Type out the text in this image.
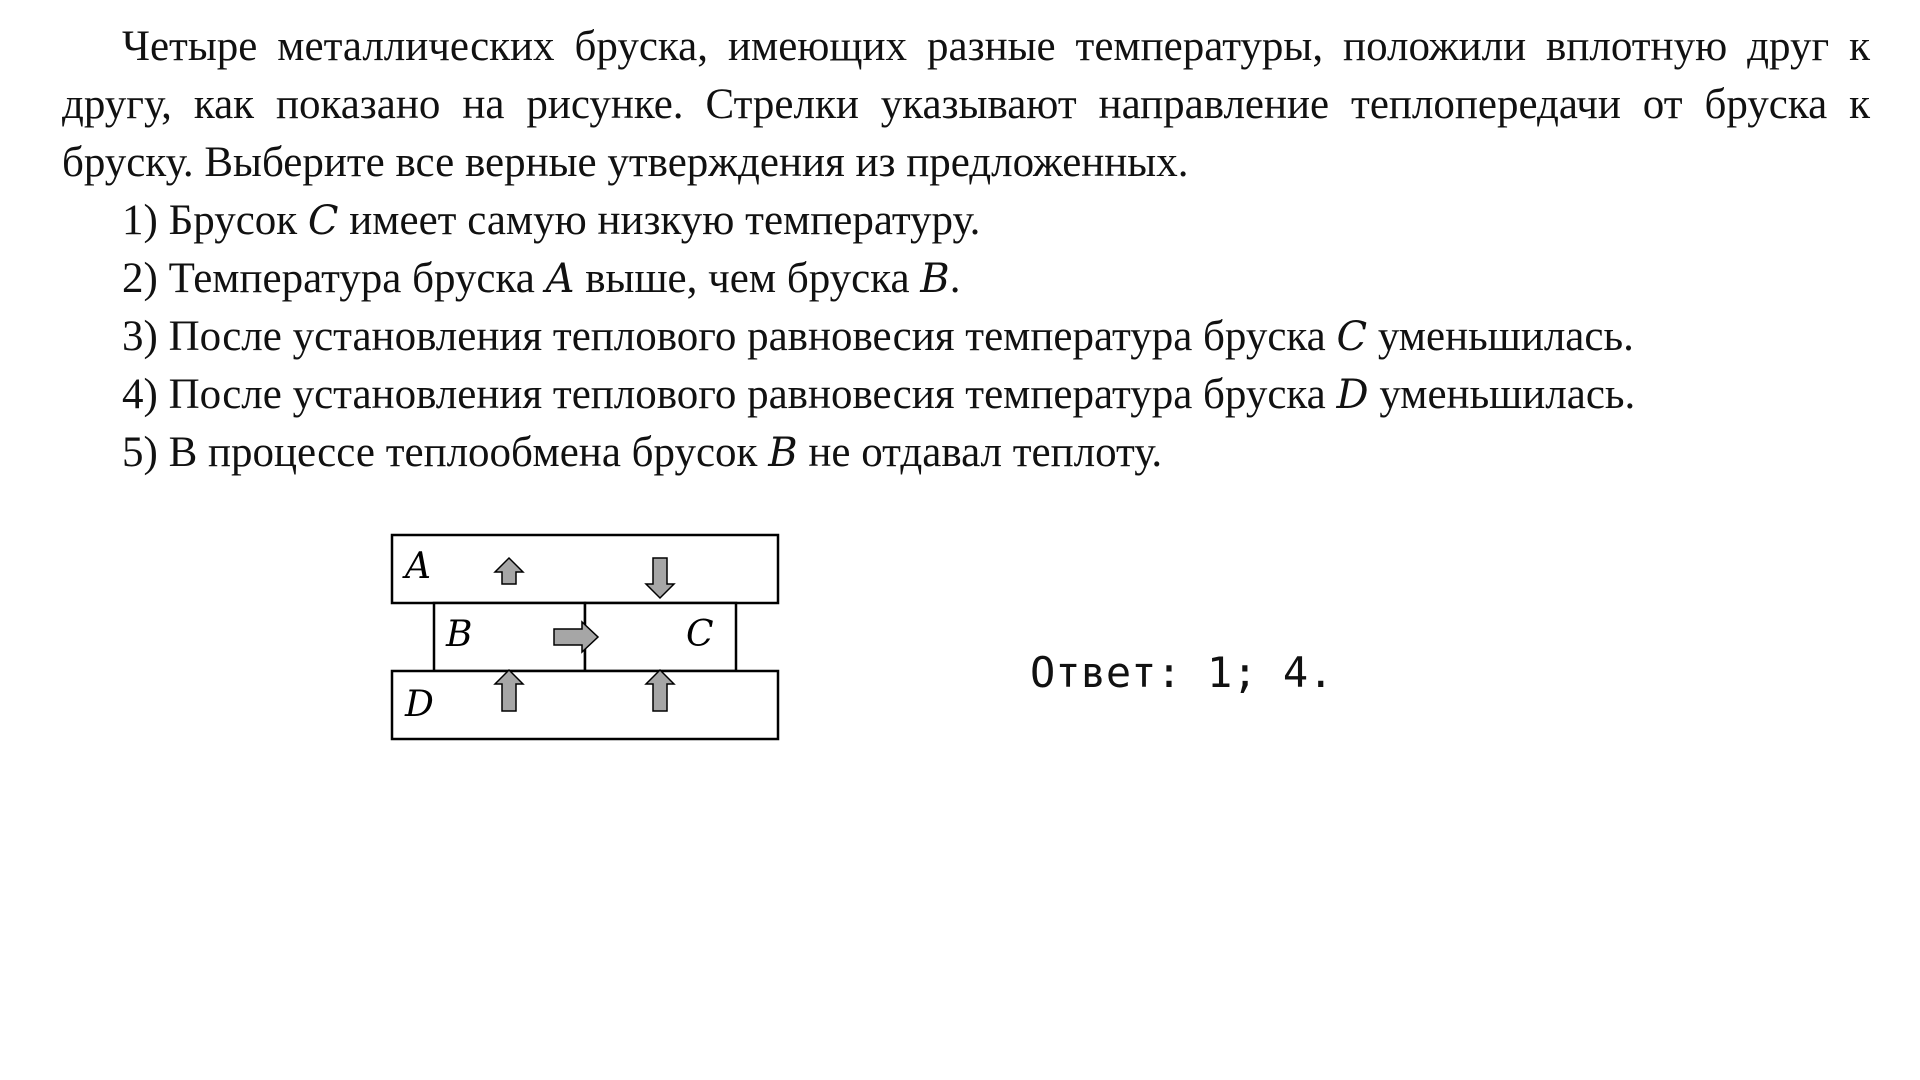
Четыре металлических бруска, имеющих разные температуры, положили вплотную друг к другу, как показано на рисунке. Стрелки указывают направление теплопередачи от бруска к бруску. Выберите все верные утверждения из предложенных.

1) Брусок C имеет самую низкую температуру.
2) Температура бруска A выше, чем бруска B.
3) После установления теплового равновесия температура бруска C уменьшилась.
4) После установления теплового равновесия температура бруска D уменьшилась.
5) В процессе теплообмена брусок B не отдавал теплоту.
A
B	C
D
Ответ: 1; 4.
